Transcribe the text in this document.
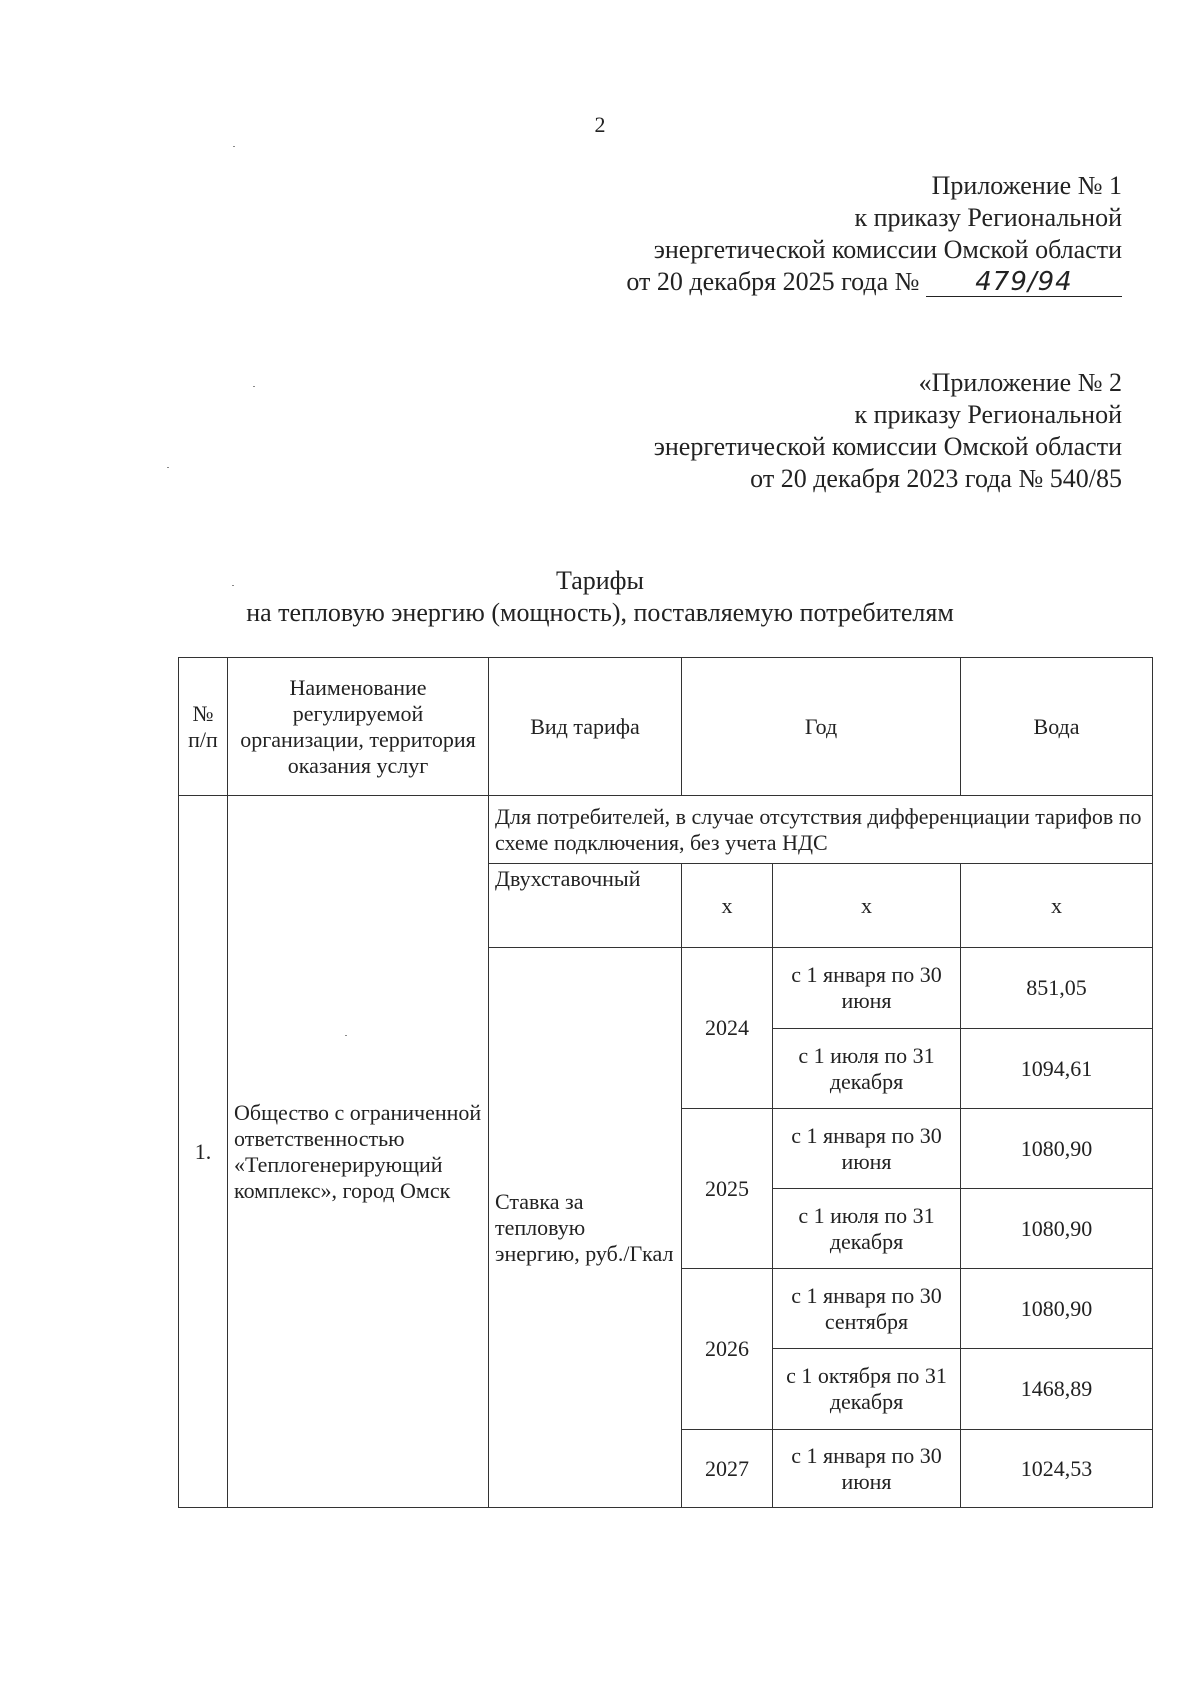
2
Приложение № 1
к приказу Региональной
энергетической комиссии Омской области
от 20 декабря 2025 года № 479/94
«Приложение № 2
к приказу Региональной
энергетической комиссии Омской области
от 20 декабря 2023 года № 540/85
Тарифы
на тепловую энергию (мощность), поставляемую потребителям
№ п/п	Наименование регулируемой организации, территория оказания услуг	Вид тарифа	Год		Вода
1.	Общество с ограниченной ответственностью «Теплогенерирующий комплекс», город Омск	Для потребителей, в случае отсутствия дифференциации тарифов по схеме подключения, без учета НДС			
		Двухставочный	х	х	х
		Ставка за тепловую энергию, руб./Гкал	2024	с 1 января по 30 июня	851,05
				с 1 июля по 31 декабря	1094,61
			2025	с 1 января по 30 июня	1080,90
				с 1 июля по 31 декабря	1080,90
			2026	с 1 января по 30 сентября	1080,90
				с 1 октября по 31 декабря	1468,89
			2027	с 1 января по 30 июня	1024,53
